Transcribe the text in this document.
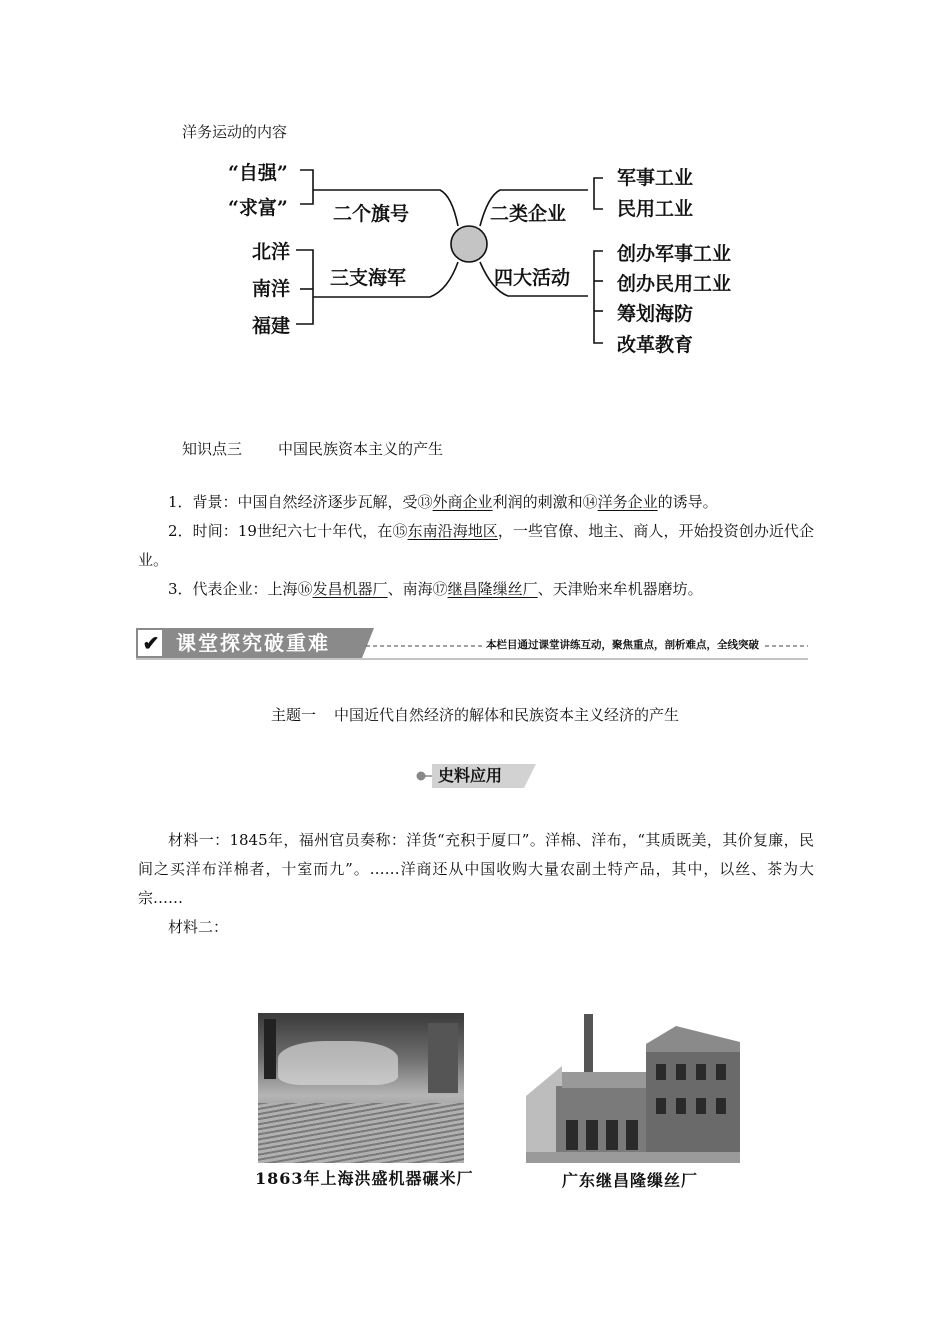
洋务运动的内容
“自强”
“求富” 二个旗号
北洋
南洋
福建
三支海军
二类企业
军事工业
民用工业
四大活动
创办军事工业
创办民用工业
筹划海防
改革教育
知识点三 中国民族资本主义的产生

1．背景：中国自然经济逐步瓦解，受⑬外商企业利润的刺激和⑭洋务企业的诱导。

2．时间：19世纪六七十年代，在⑮东南沿海地区，一些官僚、地主、商人，开始投资创办近代企业。

3．代表企业：上海⑯发昌机器厂、南海⑰继昌隆缫丝厂、天津贻来牟机器磨坊。

✔ 课堂探究破重难	本栏目通过课堂讲练互动，聚焦重点，剖析难点，全线突破
主题一 中国近代自然经济的解体和民族资本主义经济的产生
史料应用

材料一：1845年，福州官员奏称：洋货“充积于厦口”。洋棉、洋布，“其质既美，其价复廉，民间之买洋布洋棉者，十室而九”。……洋商还从中国收购大量农副土特产品，其中，以丝、茶为大宗……

材料二：

1863年上海洪盛机器碾米厂	广东继昌隆缫丝厂
